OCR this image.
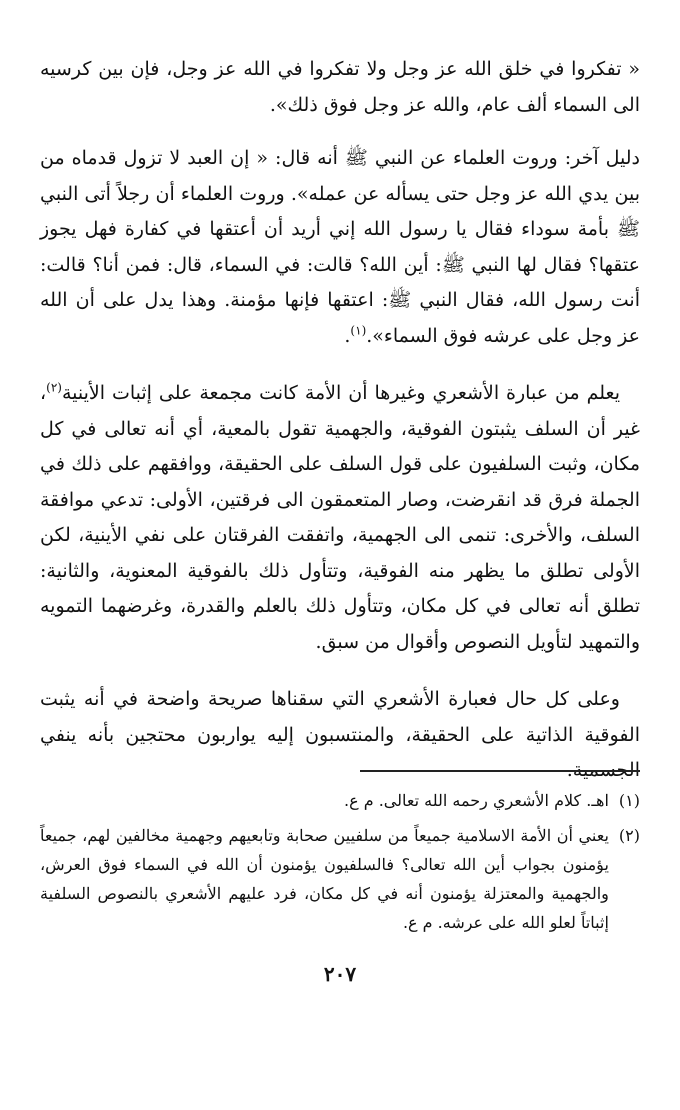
« تفكروا في خلق الله عز وجل ولا تفكروا في الله عز وجل، فإن بين كرسيه الى السماء ألف عام، والله عز وجل فوق ذلك».

دليل آخر: وروت العلماء عن النبي ﷺ أنه قال: « إن العبد لا تزول قدماه من بين يدي الله عز وجل حتى يسأله عن عمله». وروت العلماء أن رجلاً أتى النبي ﷺ بأمة سوداء فقال يا رسول الله إني أريد أن أعتقها في كفارة فهل يجوز عتقها؟ فقال لها النبي ﷺ: أين الله؟ قالت: في السماء، قال: فمن أنا؟ قالت: أنت رسول الله، فقال النبي ﷺ: اعتقها فإنها مؤمنة. وهذا يدل على أن الله عز وجل على عرشه فوق السماء».$^{(١)}$.

يعلم من عبارة الأشعري وغيرها أن الأمة كانت مجمعة على إثبات الأينية$^{(٢)}$، غير أن السلف يثبتون الفوقية، والجهمية تقول بالمعية، أي أنه تعالى في كل مكان، وثبت السلفيون على قول السلف على الحقيقة، ووافقهم على ذلك في الجملة فرق قد انقرضت، وصار المتعمقون الى فرقتين، الأولى: تدعي موافقة السلف، والأخرى: تنمى الى الجهمية، واتفقت الفرقتان على نفي الأينية، لكن الأولى تطلق ما يظهر منه الفوقية، وتتأول ذلك بالفوقية المعنوية، والثانية: تطلق أنه تعالى في كل مكان، وتتأول ذلك بالعلم والقدرة، وغرضهما التمويه والتمهيد لتأويل النصوص وأقوال من سبق.

وعلى كل حال فعبارة الأشعري التي سقناها صريحة واضحة في أنه يثبت الفوقية الذاتية على الحقيقة، والمنتسبون إليه يواربون محتجين بأنه ينفي الجسمية.

(١)
اهـ. كلام الأشعري رحمه الله تعالى. م ع.
(٢)
يعني أن الأمة الاسلامية جميعاً من سلفيين صحابة وتابعيهم وجهمية مخالفين لهم، جميعاً يؤمنون بجواب أين الله تعالى؟ فالسلفيون يؤمنون أن الله في السماء فوق العرش، والجهمية والمعتزلة يؤمنون أنه في كل مكان، فرد عليهم الأشعري بالنصوص السلفية إثباتاً لعلو الله على عرشه. م ع.
٢٠٧
